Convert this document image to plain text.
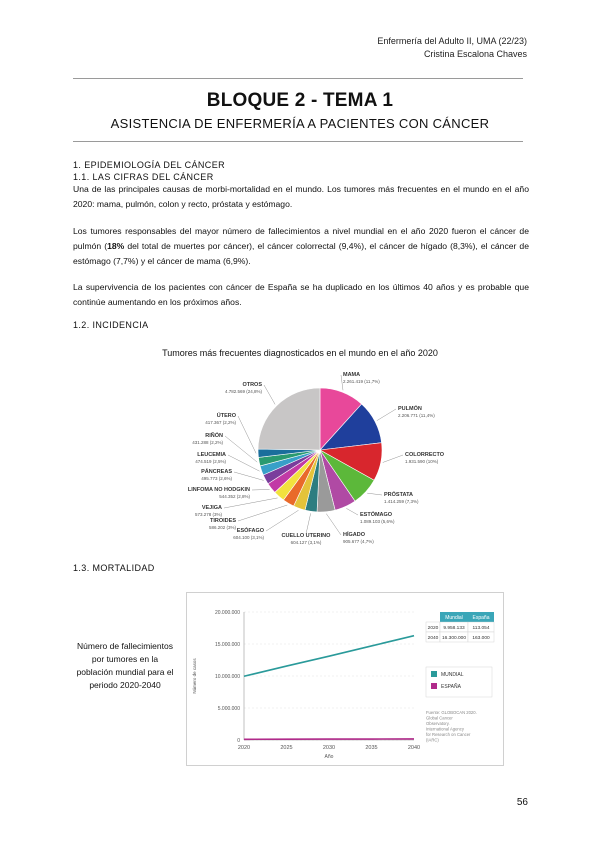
Enfermería del Adulto II, UMA (22/23)
Cristina Escalona Chaves
BLOQUE 2 - TEMA 1
ASISTENCIA DE ENFERMERÍA A PACIENTES CON CÁNCER
1. EPIDEMIOLOGÍA DEL CÁNCER
1.1. LAS CIFRAS DEL CÁNCER
Una de las principales causas de morbi-mortalidad en el mundo. Los tumores más frecuentes en el mundo en el año 2020: mama, pulmón, colon y recto, próstata y estómago.
Los tumores responsables del mayor número de fallecimientos a nivel mundial en el año 2020 fueron el cáncer de pulmón (18% del total de muertes por cáncer), el cáncer colorrectal (9,4%), el cáncer de hígado (8,3%), el cáncer de estómago (7,7%) y el cáncer de mama (6,9%).
La supervivencia de los pacientes con cáncer de España se ha duplicado en los últimos 40 años y es probable que continúe aumentando en los próximos años.
1.2. INCIDENCIA
Tumores más frecuentes diagnosticados en el mundo en el año 2020
MAMA
2.261.419 (11,7%)
PULMÓN
2.206.771 (11,4%)
COLORRECTO
1.931.590 (10%)
PRÓSTATA
1.414.259 (7,3%)
ESTÓMAGO
1.089.103 (5,6%)
HÍGADO
905.677 (4,7%)
CUELLO UTERINO
604.127 (3,1%)
ESÓFAGO
604.100 (3,1%)
TIROIDES
586.202 (3%)
VEJIGA
573.278 (3%)
LINFOMA NO HODGKIN
544.352 (2,8%)
PÁNCREAS
495.773 (2,6%)
LEUCEMIA
474.519 (2,5%)
RIÑÓN
431.288 (2,2%)
ÚTERO
417.367 (2,2%)
OTROS
4.782.569 (24,8%)
1.3. MORTALIDAD
Número de fallecimientos por tumores en la población mundial para el periodo 2020-2040
0
5.000.000
10.000.000
15.000.000
20.000.000
2020	2025	2030	2035	2040
Año
Número de casos
Mundial España
2020 9.958.133 113.054
2040 16.300.000 163.000
MUNDIAL
ESPAÑA
Fuente: GLOBOCAN 2020.
Global Cancer
Observatory.
International Agency
for Research on Cancer
(IARC)
56
